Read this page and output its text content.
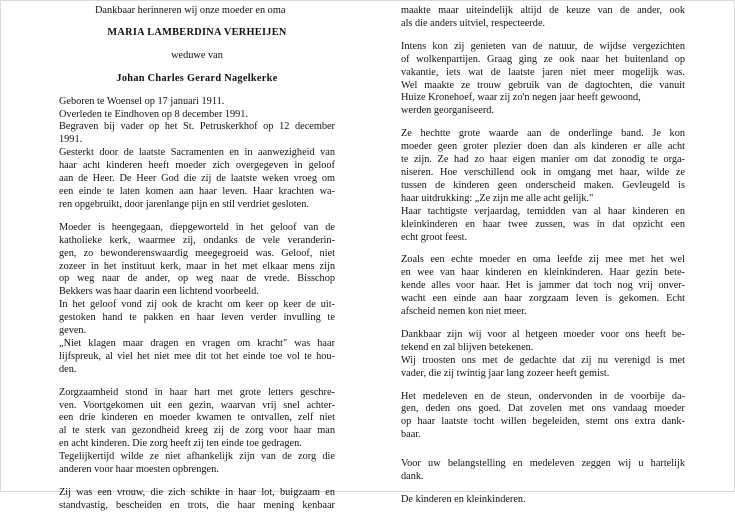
Dankbaar herinneren wij onze moeder en oma
MARIA LAMBERDINA VERHEIJEN
weduwe van
Johan Charles Gerard Nagelkerke
Geboren te Woensel op 17 januari 1911.
Overleden te Eindhoven op 8 december 1991.
Begraven bij vader op het St. Petruskerkhof op 12 december
1991.
Gesterkt door de laatste Sacramenten en in aanwezigheid van
haar acht kinderen heeft moeder zich overgegeven in geloof
aan de Heer. De Heer God die zij de laatste weken vroeg om
een einde te laten komen aan haar leven. Haar krachten wa-
ren opgebruikt, door jarenlange pijn en stil verdriet gesloten.
Moeder is heengegaan, diepgeworteld in het geloof van de
katholieke kerk, waarmee zij, ondanks de vele veranderin-
gen, zo bewonderenswaardig meegegroeid was. Geloof, niet
zozeer in het instituut kerk, maar in het met elkaar mens zijn
op weg naar de ander, op weg naar de vrede. Bisschop
Bekkers was haar daarin een lichtend voorbeeld.
In het geloof vond zij ook de kracht om keer op keer de uit-
gestoken hand te pakken en haar leven verder invulling te
geven.
„Niet klagen maar dragen en vragen om kracht" was haar
lijfspreuk, al viel het niet mee dit tot het einde toe vol te hou-
den.
Zorgzaamheid stond in haar hart met grote letters geschre-
ven. Voortgekomen uit een gezin, waarvan vrij snel achter-
een drie kinderen en moeder kwamen te ontvallen, zelf niet
al te sterk van gezondheid kreeg zij de zorg voor haar man
en acht kinderen. Die zorg heeft zij ten einde toe gedragen.
Tegelijkertijd wilde ze niet afhankelijk zijn van de zorg die
anderen voor haar moesten opbrengen.
Zij was een vrouw, die zich schikte in haar lot, buigzaam en
standvastig, bescheiden en trots, die haar mening kenbaar
maakte maar uiteindelijk altijd de keuze van de ander, ook
als die anders uitviel, respecteerde.
Intens kon zij genieten van de natuur, de wijdse vergezichten
of wolkenpartijen. Graag ging ze ook naar het buitenland op
vakantie, iets wat de laatste jaren niet meer mogelijk was.
Wel maakte ze trouw gebruik van de dagtochten, die vanuit
Huize Kronehoef, waar zij zo'n negen jaar heeft gewoond,
werden georganiseerd.
Ze hechtte grote waarde aan de onderlinge band. Je kon
moeder geen groter plezier doen dan als kinderen er alle acht
te zijn. Ze had zo haar eigen manier om dat zonodig te orga-
niseren. Hoe verschillend ook in omgang met haar, wilde ze
tussen de kinderen geen onderscheid maken. Gevleugeld is
haar uitdrukking: „Ze zijn me alle acht gelijk."
Haar tachtigste verjaardag, temidden van al haar kinderen en
kleinkinderen en haar twee zussen, was in dat opzicht een
echt groot feest.
Zoals een echte moeder en oma leefde zij mee met het wel
en wee van haar kinderen en kleinkinderen. Haar gezin bete-
kende alles voor haar. Het is jammer dat toch nog vrij onver-
wacht een einde aan haar zorgzaam leven is gekomen. Echt
afscheid nemen kon niet meer.
Dankbaar zijn wij voor al hetgeen moeder voor ons heeft be-
tekend en zal blijven betekenen.
Wij troosten ons met de gedachte dat zij nu verenigd is met
vader, die zij twintig jaar lang zozeer heeft gemist.
Het medeleven en de steun, ondervonden in de voorbije da-
gen, deden ons goed. Dat zovelen met ons vandaag moeder
op haar laatste tocht willen begeleiden, stemt ons extra dank-
baar.
Voor uw belangstelling en medeleven zeggen wij u hartelijk
dank.
De kinderen en kleinkinderen.
